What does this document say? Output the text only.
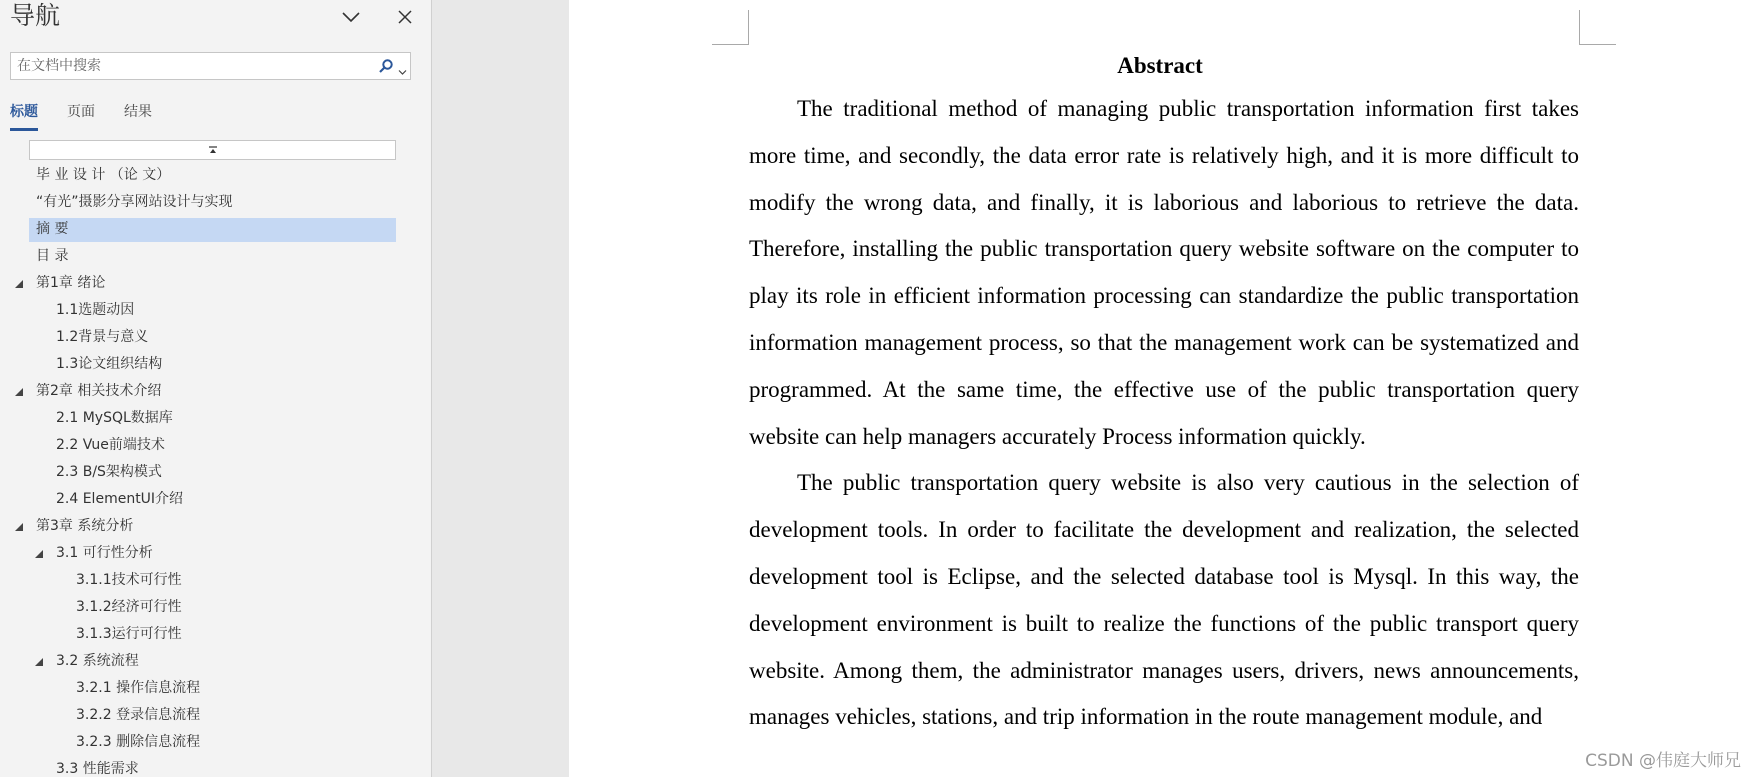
导航
在文档中搜索
标题 页面 结果
毕 业 设 计 （论 文）
“有光”摄影分享网站设计与实现
摘 要
目 录
第1章 绪论
1.1选题动因
1.2背景与意义
1.3论文组织结构
第2章 相关技术介绍
2.1 MySQL数据库
2.2 Vue前端技术
2.3 B/S架构模式
2.4 ElementUI介绍
第3章 系统分析
3.1 可行性分析
3.1.1技术可行性
3.1.2经济可行性
3.1.3运行可行性
3.2 系统流程
3.2.1 操作信息流程
3.2.2 登录信息流程
3.2.3 删除信息流程
3.3 性能需求
Abstract

The traditional method of managing public transportation information first takes more time, and secondly, the data error rate is relatively high, and it is more difficult to modify the wrong data, and finally, it is laborious and laborious to retrieve the data. Therefore, installing the public transportation query website software on the computer to play its role in efficient information processing can standardize the public transportation information management process, so that the management work can be systematized and programmed. At the same time, the effective use of the public transportation query website can help managers accurately Process information quickly.

The public transportation query website is also very cautious in the selection of development tools. In order to facilitate the development and realization, the selected development tool is Eclipse, and the selected database tool is Mysql. In this way, the development environment is built to realize the functions of the public transport query website. Among them, the administrator manages users, drivers, news announcements, manages vehicles, stations, and trip information in the route management module, and

CSDN @伟庭大师兄
